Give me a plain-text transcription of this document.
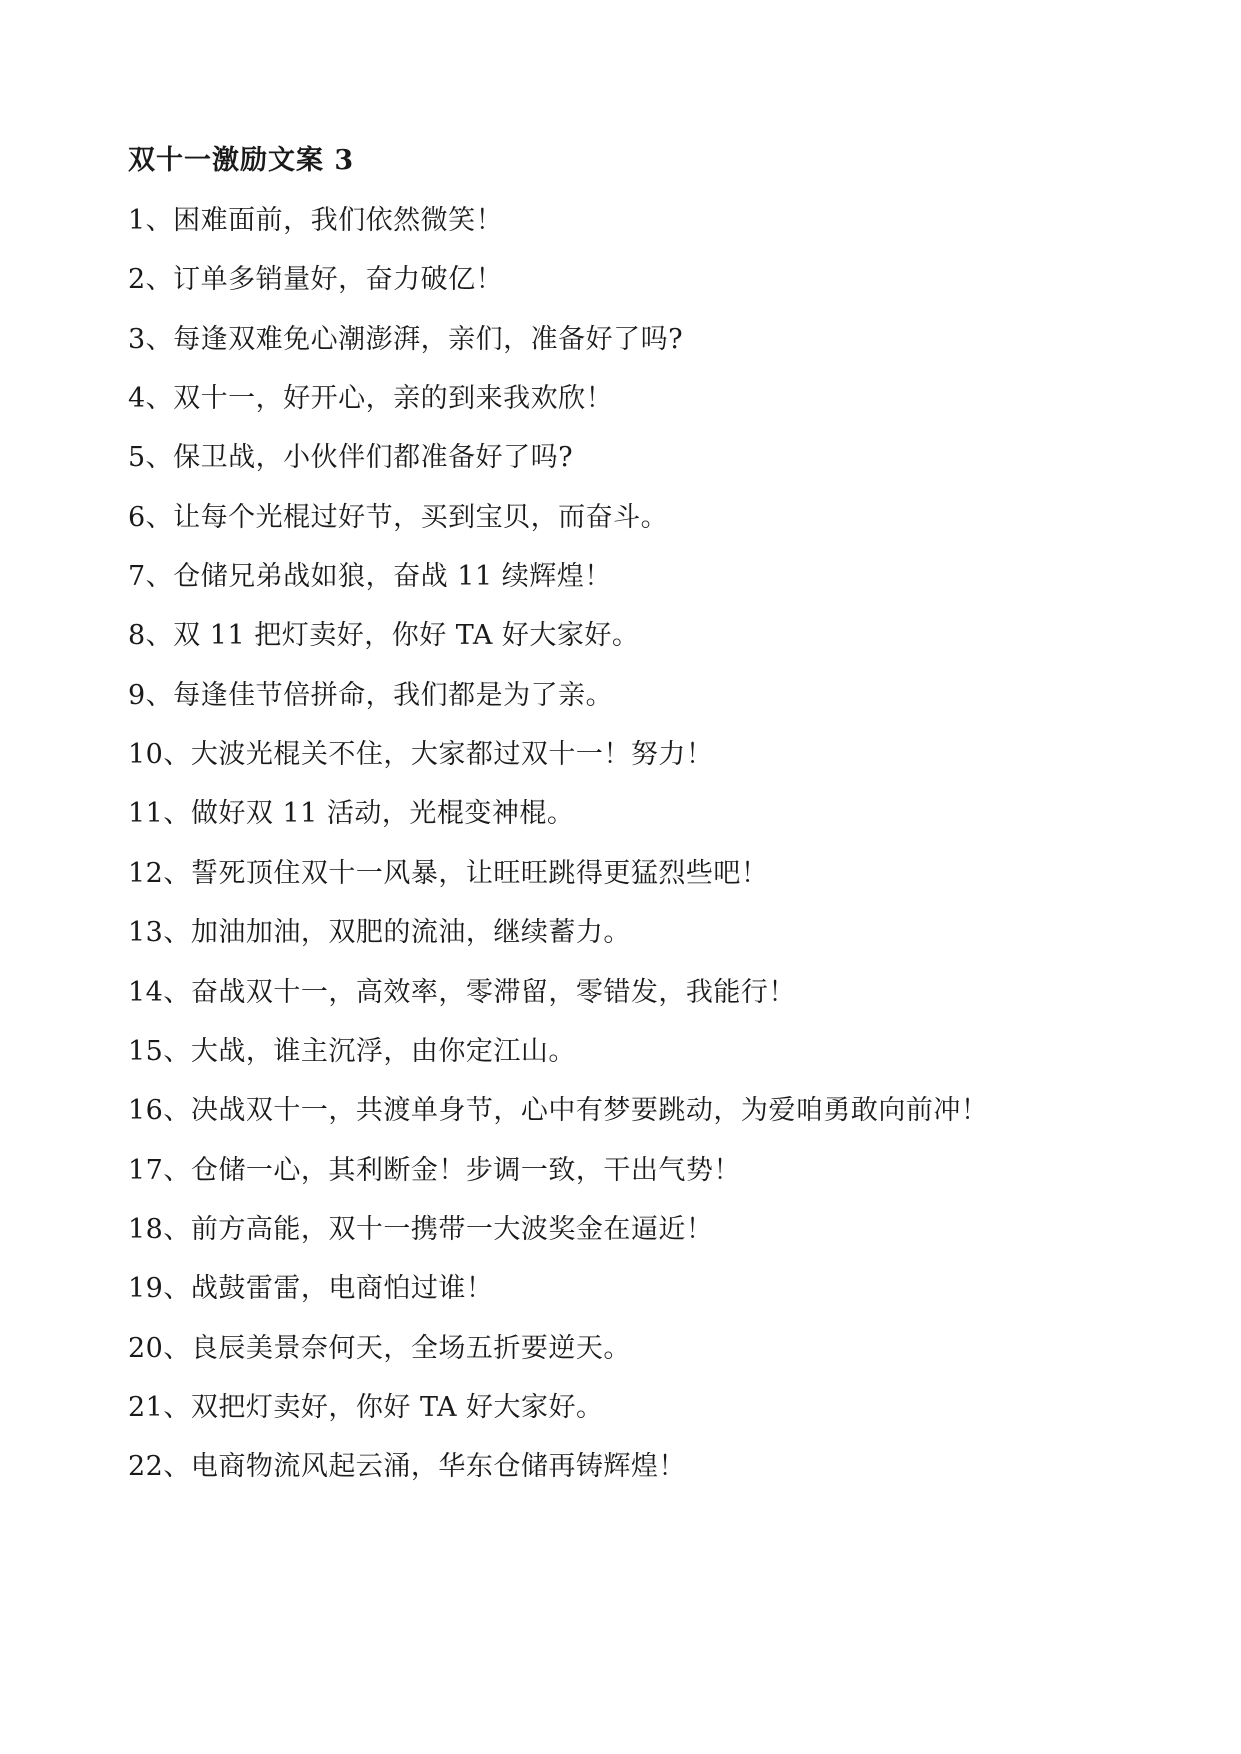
双十一激励文案 3

1、困难面前，我们依然微笑！

2、订单多销量好，奋力破亿！

3、每逢双难免心潮澎湃，亲们，准备好了吗?

4、双十一，好开心，亲的到来我欢欣！

5、保卫战，小伙伴们都准备好了吗?

6、让每个光棍过好节，买到宝贝，而奋斗。

7、仓储兄弟战如狼，奋战 11 续辉煌！

8、双 11 把灯卖好，你好 TA 好大家好。

9、每逢佳节倍拼命，我们都是为了亲。

10、大波光棍关不住，大家都过双十一！努力！

11、做好双 11 活动，光棍变神棍。

12、誓死顶住双十一风暴，让旺旺跳得更猛烈些吧！

13、加油加油，双肥的流油，继续蓄力。

14、奋战双十一，高效率，零滞留，零错发，我能行！

15、大战，谁主沉浮，由你定江山。

16、决战双十一，共渡单身节，心中有梦要跳动，为爱咱勇敢向前冲！

17、仓储一心，其利断金！步调一致，干出气势！

18、前方高能，双十一携带一大波奖金在逼近！

19、战鼓雷雷，电商怕过谁！

20、良辰美景奈何天，全场五折要逆天。

21、双把灯卖好，你好 TA 好大家好。

22、电商物流风起云涌，华东仓储再铸辉煌！
